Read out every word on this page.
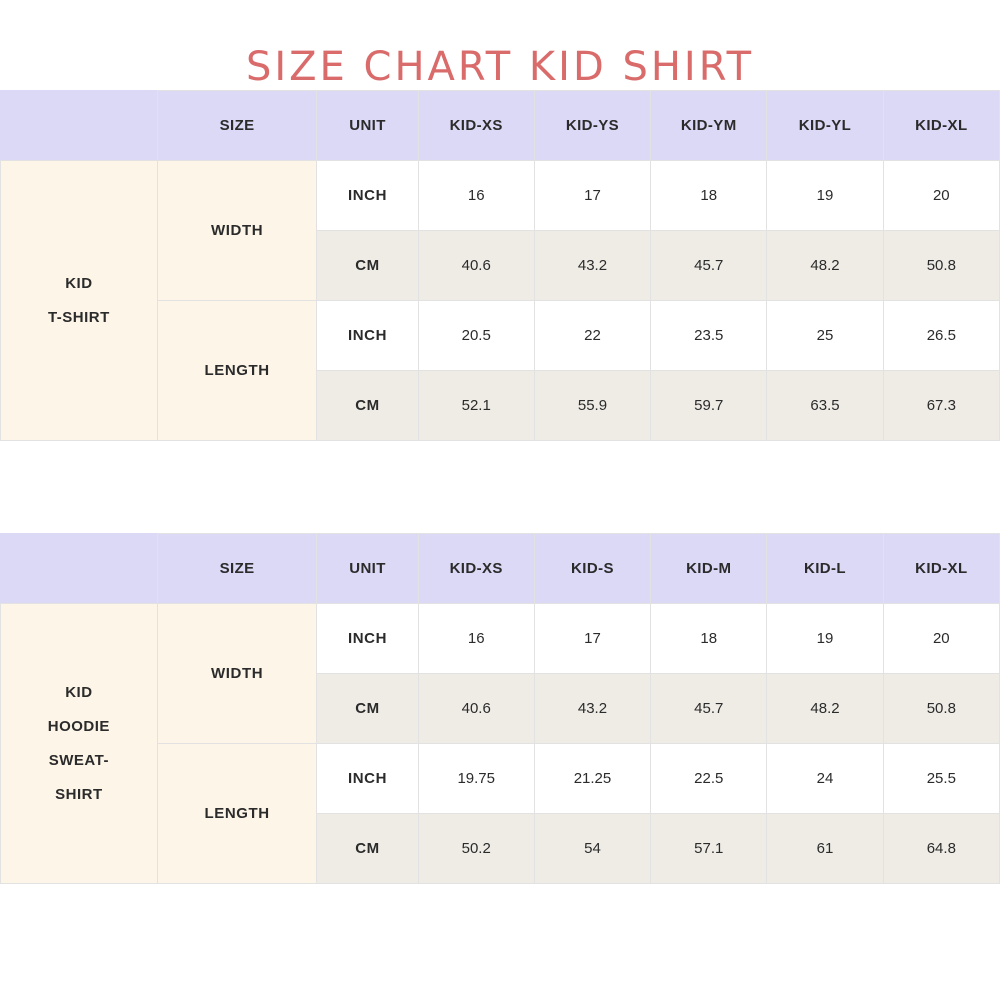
SIZE CHART KID SHIRT
	SIZE	UNIT	KID-XS	KID-YS	KID-YM	KID-YL	KID-XL

KID
T-SHIRT	WIDTH	INCH	16	17	18	19	20
		CM	40.6	43.2	45.7	48.2	50.8
	LENGTH	INCH	20.5	22	23.5	25	26.5
		CM	52.1	55.9	59.7	63.5	67.3
	SIZE	UNIT	KID-XS	KID-S	KID-M	KID-L	KID-XL

KID
HOODIE
SWEAT-
SHIRT	WIDTH	INCH	16	17	18	19	20
		CM	40.6	43.2	45.7	48.2	50.8
	LENGTH	INCH	19.75	21.25	22.5	24	25.5
		CM	50.2	54	57.1	61	64.8
